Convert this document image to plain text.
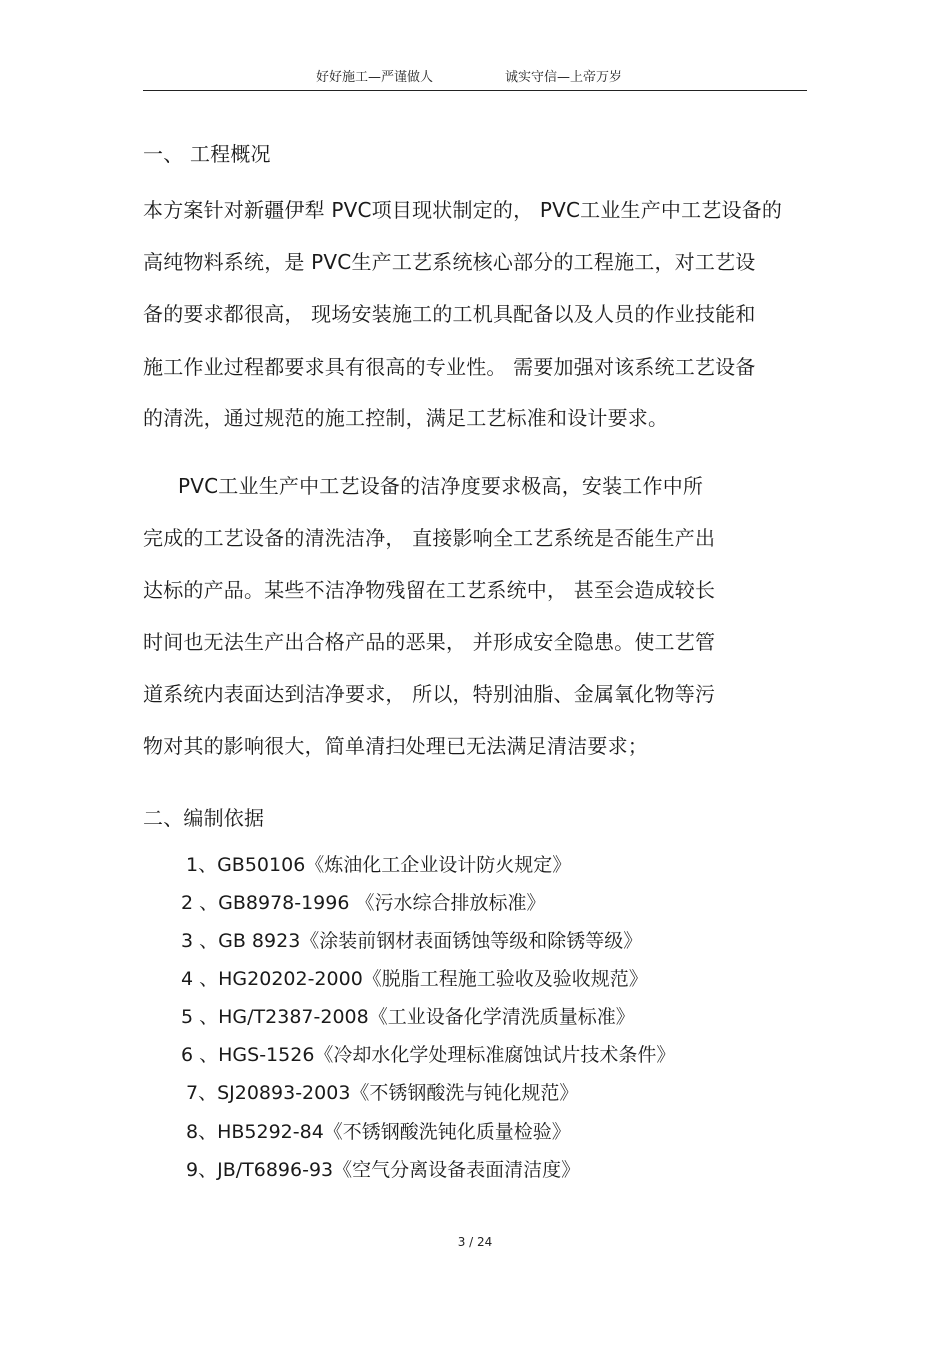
好好施工—严谨做人	诚实守信—上帝万岁
一、 工程概况
本方案针对新疆伊犁 PVC项目现状制定的， PVC工业生产中工艺设备的
高纯物料系统，是 PVC生产工艺系统核心部分的工程施工，对工艺设
备的要求都很高， 现场安装施工的工机具配备以及人员的作业技能和
施工作业过程都要求具有很高的专业性。 需要加强对该系统工艺设备
的清洗，通过规范的施工控制，满足工艺标准和设计要求。
PVC工业生产中工艺设备的洁净度要求极高，安装工作中所
完成的工艺设备的清洗洁净， 直接影响全工艺系统是否能生产出
达标的产品。某些不洁净物残留在工艺系统中， 甚至会造成较长
时间也无法生产出合格产品的恶果， 并形成安全隐患。使工艺管
道系统内表面达到洁净要求， 所以，特别油脂、金属氧化物等污
物对其的影响很大，简单清扫处理已无法满足清洁要求；
二、编制依据
1、GB50106《炼油化工企业设计防火规定》
2 、GB8978-1996 《污水综合排放标准》
3 、GB 8923《涂装前钢材表面锈蚀等级和除锈等级》
4 、HG20202-2000《脱脂工程施工验收及验收规范》
5 、HG/T2387-2008《工业设备化学清洗质量标准》
6 、HGS-1526《冷却水化学处理标准腐蚀试片技术条件》
7、SJ20893-2003《不锈钢酸洗与钝化规范》
8、HB5292-84《不锈钢酸洗钝化质量检验》
9、JB/T6896-93《空气分离设备表面清洁度》
3 / 24
